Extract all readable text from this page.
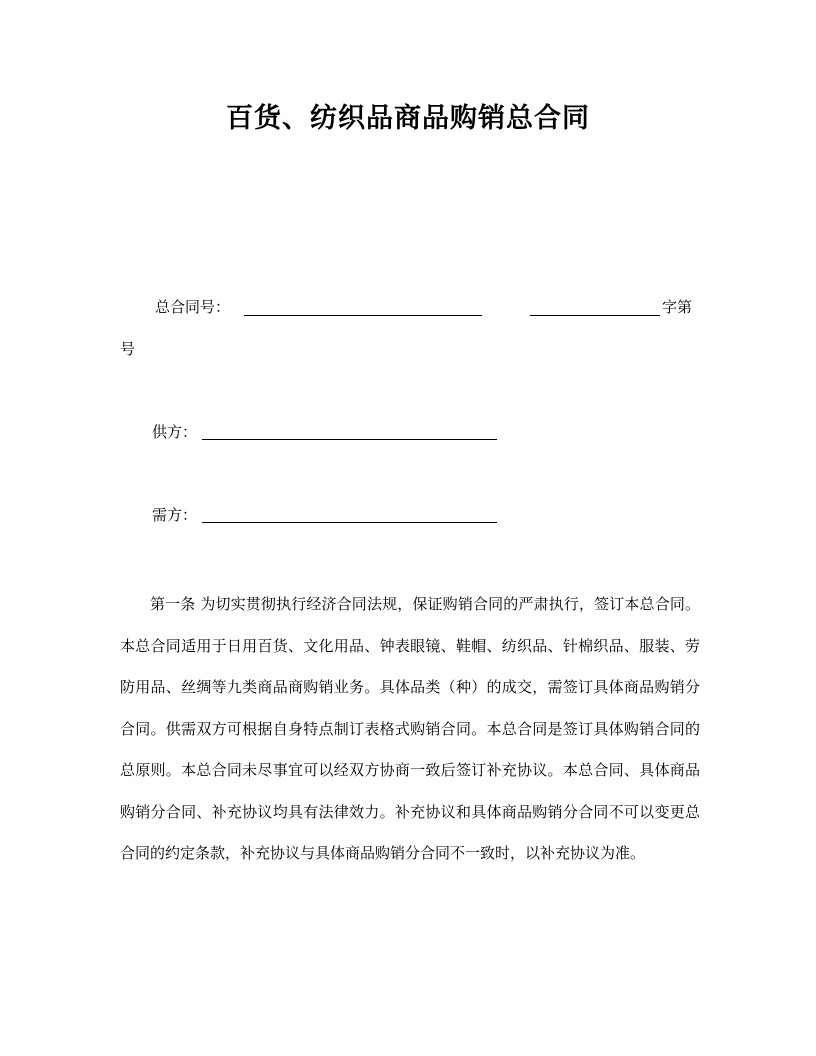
百货、纺织品商品购销总合同
总合同号：	字第
号
供方：
需方：
第一条 为切实贯彻执行经济合同法规，保证购销合同的严肃执行，签订本总合同。本总合同适用于日用百货、文化用品、钟表眼镜、鞋帽、纺织品、针棉织品、服装、劳防用品、丝绸等九类商品商购销业务。具体品类（种）的成交，需签订具体商品购销分合同。供需双方可根据自身特点制订表格式购销合同。本总合同是签订具体购销合同的总原则。本总合同未尽事宜可以经双方协商一致后签订补充协议。本总合同、具体商品购销分合同、补充协议均具有法律效力。补充协议和具体商品购销分合同不可以变更总合同的约定条款，补充协议与具体商品购销分合同不一致时，以补充协议为准。
